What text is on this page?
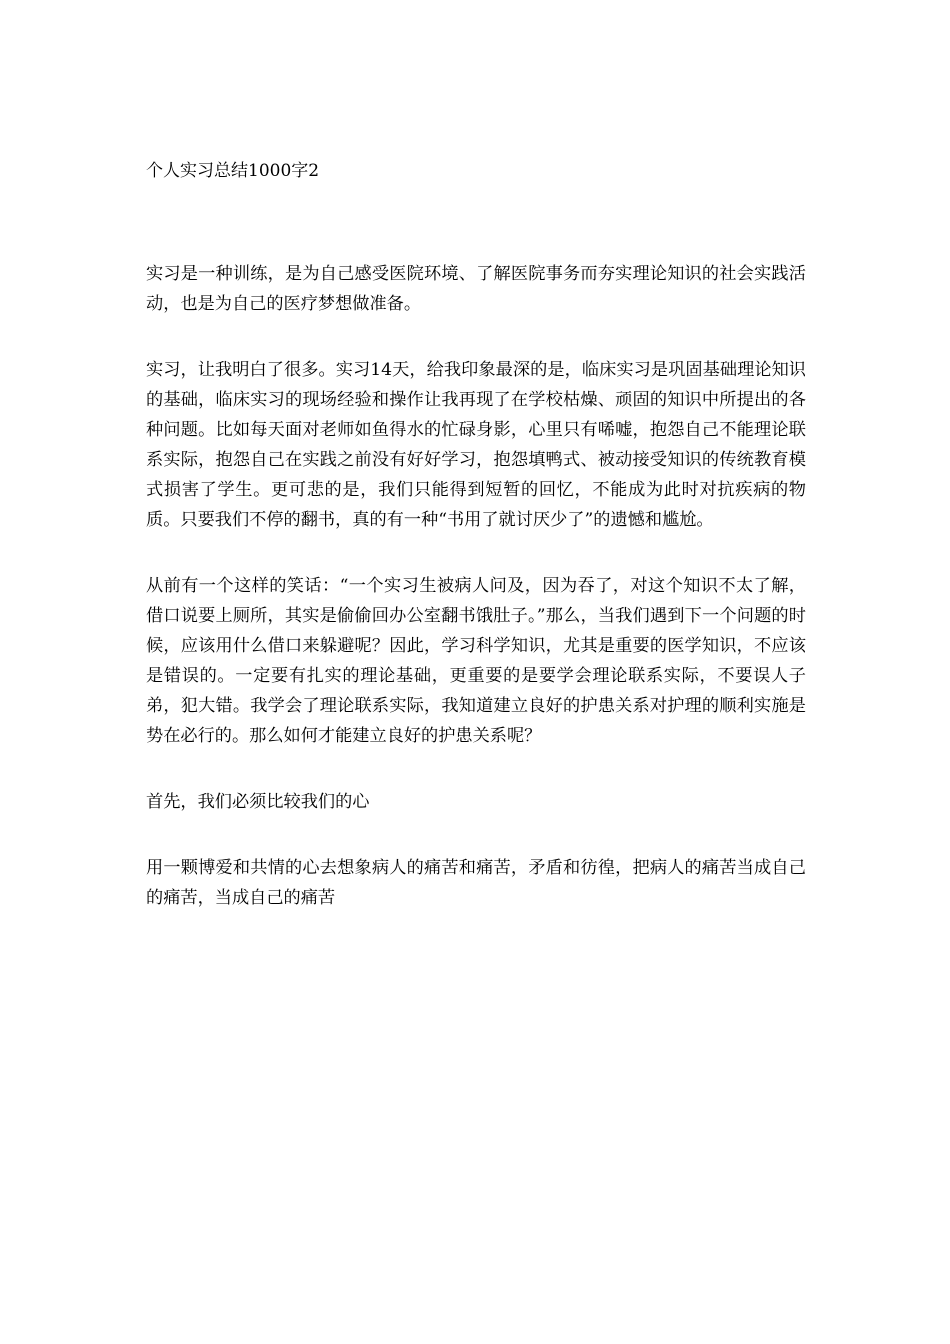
个人实习总结1000字2

实习是一种训练，是为自己感受医院环境、了解医院事务而夯实理论知识的社会实践活动，也是为自己的医疗梦想做准备。

实习，让我明白了很多。实习14天，给我印象最深的是，临床实习是巩固基础理论知识的基础，临床实习的现场经验和操作让我再现了在学校枯燥、顽固的知识中所提出的各种问题。比如每天面对老师如鱼得水的忙碌身影，心里只有唏嘘，抱怨自己不能理论联系实际，抱怨自己在实践之前没有好好学习，抱怨填鸭式、被动接受知识的传统教育模式损害了学生。更可悲的是，我们只能得到短暂的回忆，不能成为此时对抗疾病的物质。只要我们不停的翻书，真的有一种“书用了就讨厌少了”的遗憾和尴尬。

从前有一个这样的笑话：“一个实习生被病人问及，因为吞了，对这个知识不太了解，借口说要上厕所，其实是偷偷回办公室翻书饿肚子。”那么，当我们遇到下一个问题的时候，应该用什么借口来躲避呢？因此，学习科学知识，尤其是重要的医学知识，不应该是错误的。一定要有扎实的理论基础，更重要的是要学会理论联系实际，不要误人子弟，犯大错。我学会了理论联系实际，我知道建立良好的护患关系对护理的顺利实施是势在必行的。那么如何才能建立良好的护患关系呢？

首先，我们必须比较我们的心

用一颗博爱和共情的心去想象病人的痛苦和痛苦，矛盾和彷徨，把病人的痛苦当成自己的痛苦，当成自己的痛苦
